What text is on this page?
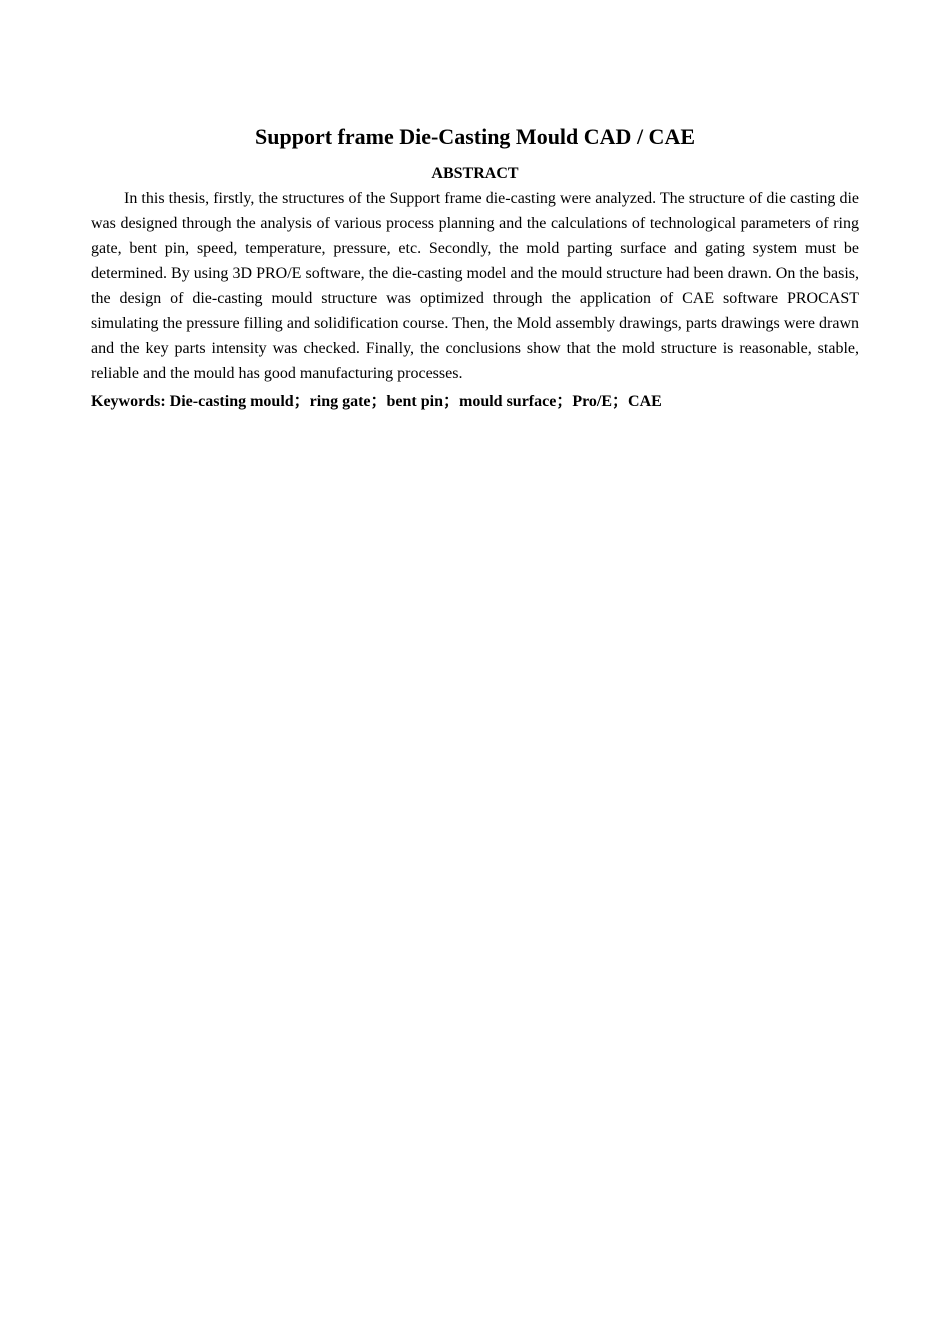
Support frame Die-Casting Mould CAD / CAE
ABSTRACT

In this thesis, firstly, the structures of the Support frame die-casting were analyzed. The structure of die casting die was designed through the analysis of various process planning and the calculations of technological parameters of ring gate, bent pin, speed, temperature, pressure, etc. Secondly, the mold parting surface and gating system must be determined. By using 3D PRO/E software, the die-casting model and the mould structure had been drawn. On the basis, the design of die-casting mould structure was optimized through the application of CAE software PROCAST simulating the pressure filling and solidification course. Then, the Mold assembly drawings, parts drawings were drawn and the key parts intensity was checked. Finally, the conclusions show that the mold structure is reasonable, stable, reliable and the mould has good manufacturing processes.

Keywords: Die-casting mould；ring gate；bent pin；mould surface；Pro/E；CAE
